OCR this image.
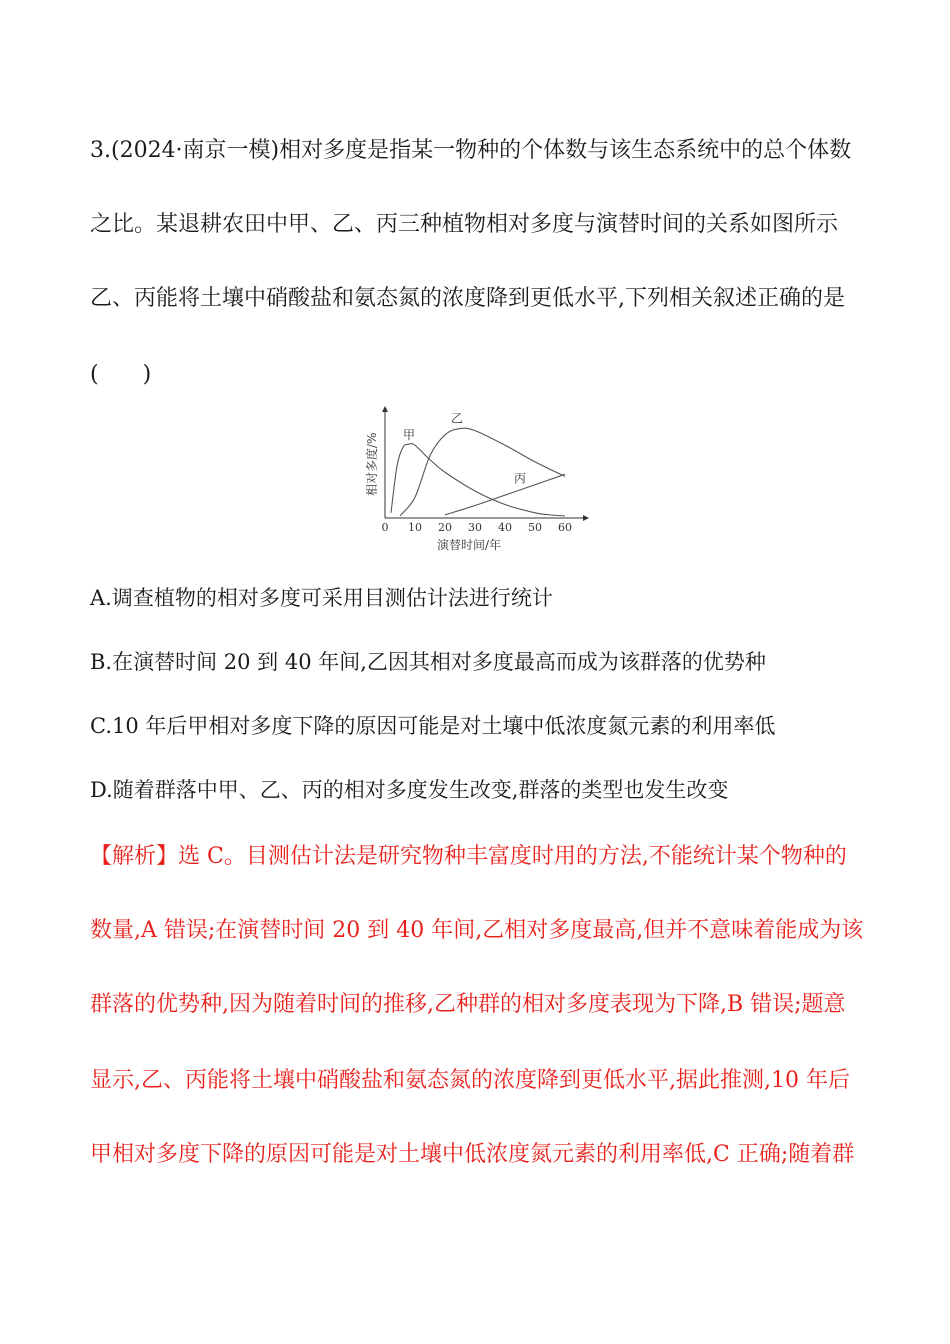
3.(2024·南京一模)相对多度是指某一物种的个体数与该生态系统中的总个体数
之比。某退耕农田中甲、乙、丙三种植物相对多度与演替时间的关系如图所示
乙、丙能将土壤中硝酸盐和氨态氮的浓度降到更低水平,下列相关叙述正确的是
(　　)
0 10 20 30 40 50 60
甲
乙
丙
相对多度/%
演替时间/年
A.调查植物的相对多度可采用目测估计法进行统计
B.在演替时间 20 到 40 年间,乙因其相对多度最高而成为该群落的优势种
C.10 年后甲相对多度下降的原因可能是对土壤中低浓度氮元素的利用率低
D.随着群落中甲、乙、丙的相对多度发生改变,群落的类型也发生改变
【解析】选 C。目测估计法是研究物种丰富度时用的方法,不能统计某个物种的
数量,A 错误;在演替时间 20 到 40 年间,乙相对多度最高,但并不意味着能成为该
群落的优势种,因为随着时间的推移,乙种群的相对多度表现为下降,B 错误;题意
显示,乙、丙能将土壤中硝酸盐和氨态氮的浓度降到更低水平,据此推测,10 年后
甲相对多度下降的原因可能是对土壤中低浓度氮元素的利用率低,C 正确;随着群
